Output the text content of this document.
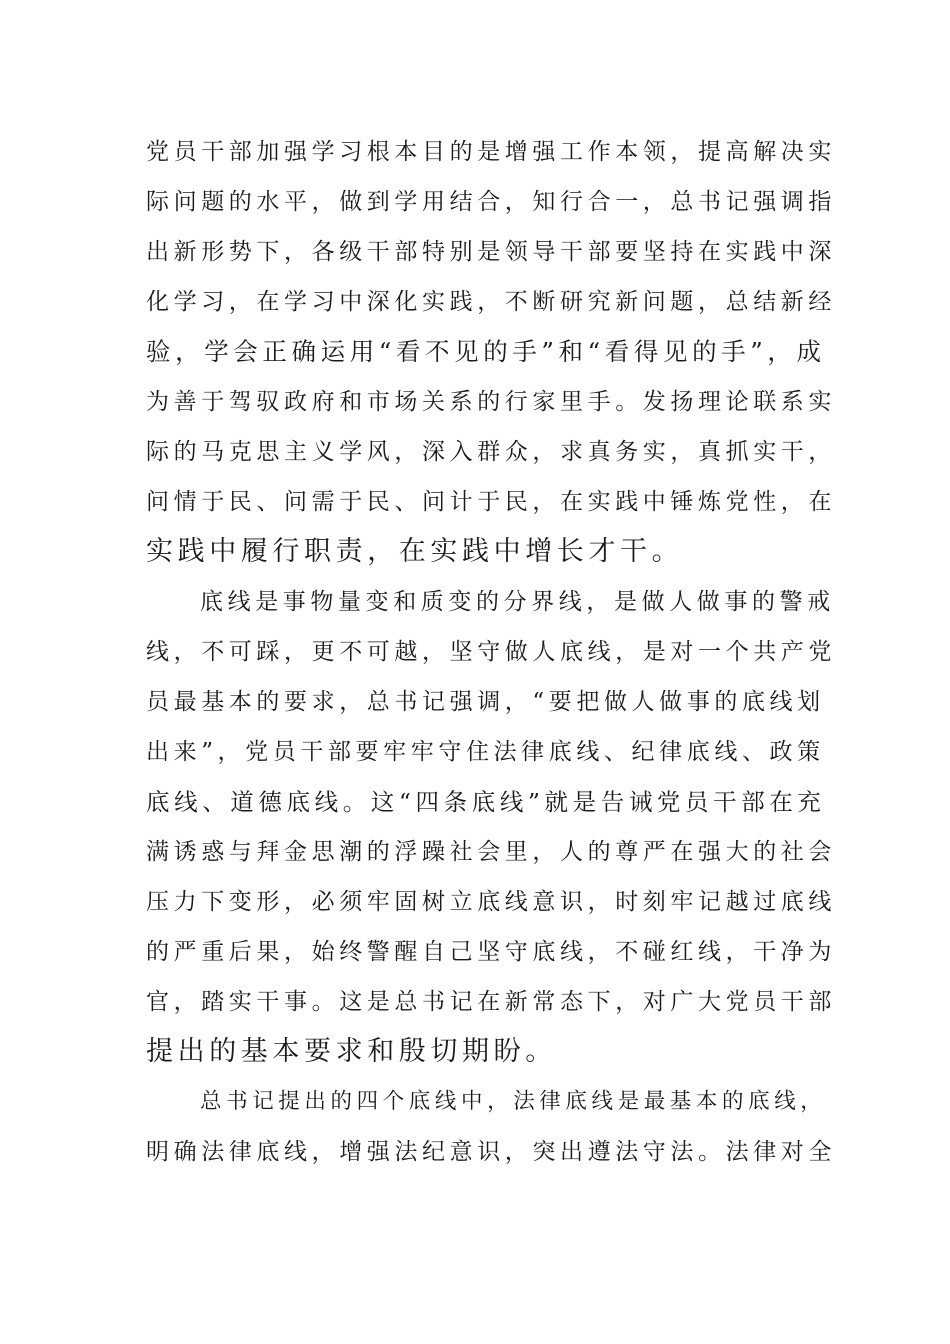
党员干部加强学习根本目的是增强工作本领，提高解决实
际问题的水平，做到学用结合，知行合一，总书记强调指
出新形势下，各级干部特别是领导干部要坚持在实践中深
化学习，在学习中深化实践，不断研究新问题，总结新经
验，学会正确运用“看不见的手”和“看得见的手”，成
为善于驾驭政府和市场关系的行家里手。发扬理论联系实
际的马克思主义学风，深入群众，求真务实，真抓实干，
问情于民、问需于民、问计于民，在实践中锤炼党性，在
实践中履行职责，在实践中增长才干。
底线是事物量变和质变的分界线，是做人做事的警戒
线，不可踩，更不可越，坚守做人底线，是对一个共产党
员最基本的要求，总书记强调，“要把做人做事的底线划
出来”，党员干部要牢牢守住法律底线、纪律底线、政策
底线、道德底线。这“四条底线”就是告诫党员干部在充
满诱惑与拜金思潮的浮躁社会里，人的尊严在强大的社会
压力下变形，必须牢固树立底线意识，时刻牢记越过底线
的严重后果，始终警醒自己坚守底线，不碰红线，干净为
官，踏实干事。这是总书记在新常态下，对广大党员干部
提出的基本要求和殷切期盼。
总书记提出的四个底线中，法律底线是最基本的底线，
明确法律底线，增强法纪意识，突出遵法守法。法律对全
